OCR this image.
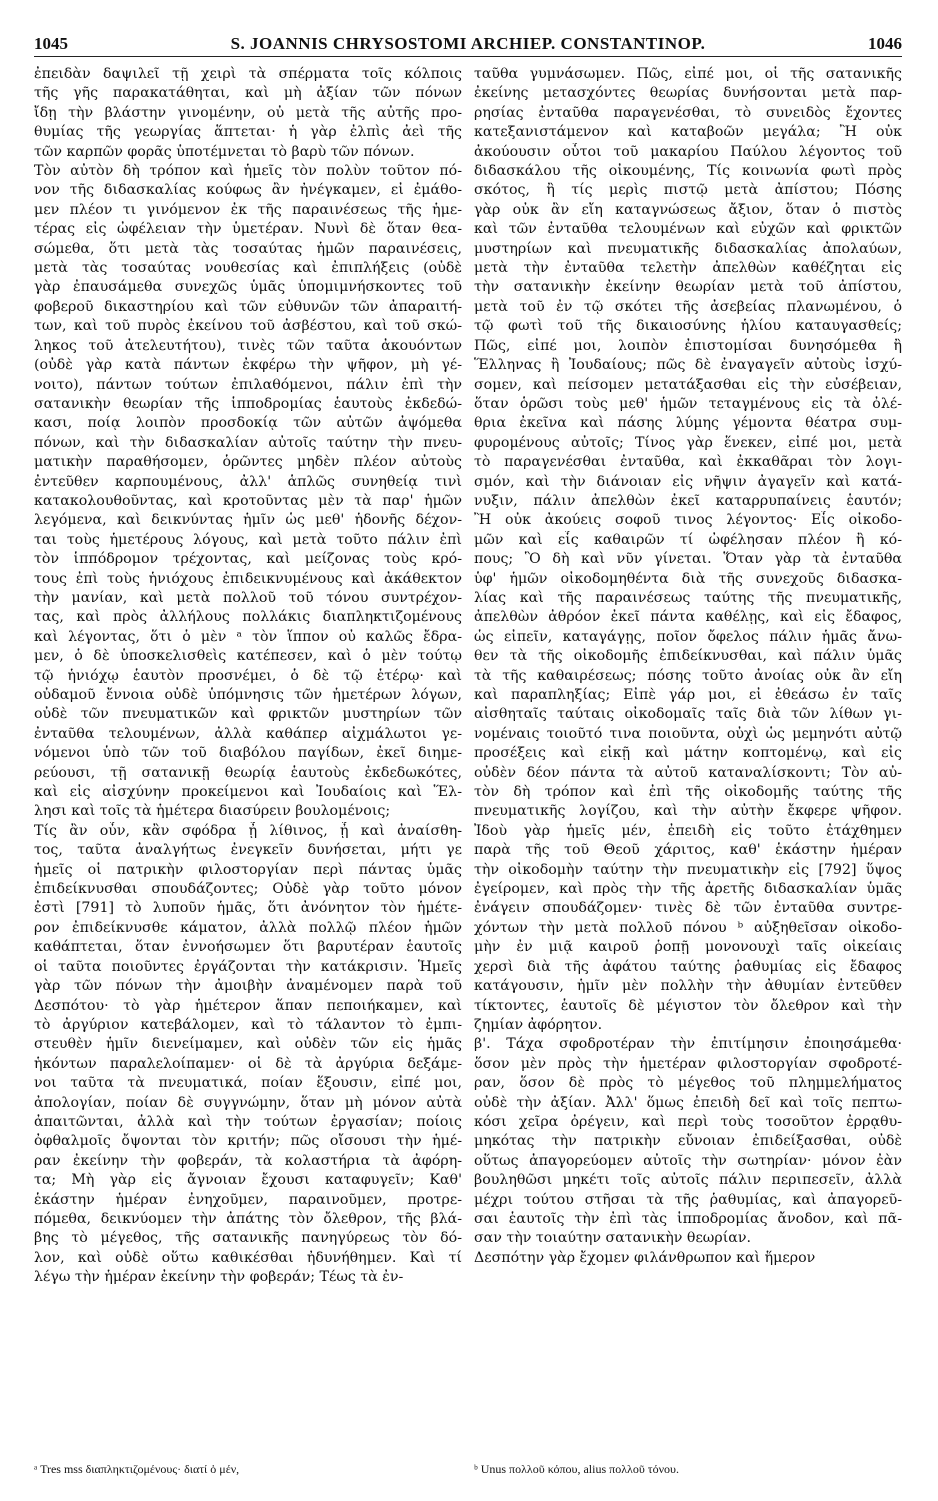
1045	S. JOANNIS CHRYSOSTOMI ARCHIEP. CONSTANTINOP.	1046
ἐπειδὰν δαψιλεῖ τῇ χειρὶ τὰ σπέρματα τοῖς κόλποις
τῆς γῆς παρακατάθηται, καὶ μὴ ἀξίαν τῶν πόνων
ἴδῃ τὴν βλάστην γινομένην, οὐ μετὰ τῆς αὐτῆς προ-
θυμίας τῆς γεωργίας ἅπτεται· ἡ γὰρ ἐλπὶς ἀεὶ τῆς
τῶν καρπῶν φορᾶς ὑποτέμνεται τὸ βαρὺ τῶν πόνων.
Τὸν αὐτὸν δὴ τρόπον καὶ ἡμεῖς τὸν πολὺν τοῦτον πό-
νον τῆς διδασκαλίας κούφως ἂν ἠνέγκαμεν, εἰ ἐμάθο-
μεν πλέον τι γινόμενον ἐκ τῆς παραινέσεως τῆς ἡμε-
τέρας εἰς ὠφέλειαν τὴν ὑμετέραν. Νυνὶ δὲ ὅταν θεα-
σώμεθα, ὅτι μετὰ τὰς τοσαύτας ἡμῶν παραινέσεις,
μετὰ τὰς τοσαύτας νουθεσίας καὶ ἐπιπλήξεις (οὐδὲ
γὰρ ἐπαυσάμεθα συνεχῶς ὑμᾶς ὑπομιμνήσκοντες τοῦ
φοβεροῦ δικαστηρίου καὶ τῶν εὐθυνῶν τῶν ἀπαραιτή-
των, καὶ τοῦ πυρὸς ἐκείνου τοῦ ἀσβέστου, καὶ τοῦ σκώ-
ληκος τοῦ ἀτελευτήτου), τινὲς τῶν ταῦτα ἀκουόντων
(οὐδὲ γὰρ κατὰ πάντων ἐκφέρω τὴν ψῆφον, μὴ γέ-
νοιτο), πάντων τούτων ἐπιλαθόμενοι, πάλιν ἐπὶ τὴν
σατανικὴν θεωρίαν τῆς ἱπποδρομίας ἑαυτοὺς ἐκδεδώ-
κασι, ποίᾳ λοιπὸν προσδοκίᾳ τῶν αὐτῶν ἀψόμεθα
πόνων, καὶ τὴν διδασκαλίαν αὐτοῖς ταύτην τὴν πνευ-
ματικὴν παραθήσομεν, ὁρῶντες μηδὲν πλέον αὐτοὺς
ἐντεῦθεν καρπουμένους, ἀλλ' ἁπλῶς συνηθείᾳ τινὶ
κατακολουθοῦντας, καὶ κροτοῦντας μὲν τὰ παρ' ἡμῶν
λεγόμενα, καὶ δεικνύντας ἡμῖν ὡς μεθ' ἡδονῆς δέχον-
ται τοὺς ἡμετέρους λόγους, καὶ μετὰ τοῦτο πάλιν ἐπὶ
τὸν ἱππόδρομον τρέχοντας, καὶ μείζονας τοὺς κρό-
τους ἐπὶ τοὺς ἡνιόχους ἐπιδεικνυμένους καὶ ἀκάθεκτον
τὴν μανίαν, καὶ μετὰ πολλοῦ τοῦ τόνου συντρέχον-
τας, καὶ πρὸς ἀλλήλους πολλάκις διαπληκτιζομένους
καὶ λέγοντας, ὅτι ὁ μὲν ᵃ τὸν ἵππον οὐ καλῶς ἔδρα-
μεν, ὁ δὲ ὑποσκελισθεὶς κατέπεσεν, καὶ ὁ μὲν τούτῳ
τῷ ἡνιόχῳ ἑαυτὸν προσνέμει, ὁ δὲ τῷ ἑτέρῳ· καὶ
οὐδαμοῦ ἔννοια οὐδὲ ὑπόμνησις τῶν ἡμετέρων λόγων,
οὐδὲ τῶν πνευματικῶν καὶ φρικτῶν μυστηρίων τῶν
ἐνταῦθα τελουμένων, ἀλλὰ καθάπερ αἰχμάλωτοι γε-
νόμενοι ὑπὸ τῶν τοῦ διαβόλου παγίδων, ἐκεῖ διημε-
ρεύουσι, τῇ σατανικῇ θεωρίᾳ ἑαυτοὺς ἐκδεδωκότες,
καὶ εἰς αἰσχύνην προκείμενοι καὶ Ἰουδαίοις καὶ Ἕλ-
λησι καὶ τοῖς τὰ ἡμέτερα διασύρειν βουλομένοις;
Τίς ἂν οὖν, κἂν σφόδρα ᾖ λίθινος, ᾖ καὶ ἀναίσθη-
τος, ταῦτα ἀναλγήτως ἐνεγκεῖν δυνήσεται, μήτι γε
ἡμεῖς οἱ πατρικὴν φιλοστοργίαν περὶ πάντας ὑμᾶς
ἐπιδείκνυσθαι σπουδάζοντες; Οὐδὲ γὰρ τοῦτο μόνον
ἐστὶ [791] τὸ λυποῦν ἡμᾶς, ὅτι ἀνόνητον τὸν ἡμέτε-
ρον ἐπιδείκνυσθε κάματον, ἀλλὰ πολλῷ πλέον ἡμῶν
καθάπτεται, ὅταν ἐννοήσωμεν ὅτι βαρυτέραν ἑαυτοῖς
οἱ ταῦτα ποιοῦντες ἐργάζονται τὴν κατάκρισιν. Ἡμεῖς
γὰρ τῶν πόνων τὴν ἀμοιβὴν ἀναμένομεν παρὰ τοῦ
Δεσπότου· τὸ γὰρ ἡμέτερον ἅπαν πεποιήκαμεν, καὶ
τὸ ἀργύριον κατεβάλομεν, καὶ τὸ τάλαντον τὸ ἐμπι-
στευθὲν ἡμῖν διενείμαμεν, καὶ οὐδὲν τῶν εἰς ἡμᾶς
ἡκόντων παραλελοίπαμεν· οἱ δὲ τὰ ἀργύρια δεξάμε-
νοι ταῦτα τὰ πνευματικά, ποίαν ἕξουσιν, εἰπέ μοι,
ἀπολογίαν, ποίαν δὲ συγγνώμην, ὅταν μὴ μόνον αὐτὰ
ἀπαιτῶνται, ἀλλὰ καὶ τὴν τούτων ἐργασίαν; ποίοις
ὀφθαλμοῖς ὄψονται τὸν κριτήν; πῶς οἴσουσι τὴν ἡμέ-
ραν ἐκείνην τὴν φοβεράν, τὰ κολαστήρια τὰ ἀφόρη-
τα; Μὴ γὰρ εἰς ἄγνοιαν ἔχουσι καταφυγεῖν; Καθ'
ἑκάστην ἡμέραν ἐνηχοῦμεν, παραινοῦμεν, προτρε-
πόμεθα, δεικνύομεν τὴν ἀπάτης τὸν ὄλεθρον, τῆς βλά-
βης τὸ μέγεθος, τῆς σατανικῆς πανηγύρεως τὸν δό-
λον, καὶ οὐδὲ οὕτω καθικέσθαι ἠδυνήθημεν. Καὶ τί
λέγω τὴν ἡμέραν ἐκείνην τὴν φοβεράν; Τέως τὰ ἐν-
ταῦθα γυμνάσωμεν. Πῶς, εἰπέ μοι, οἱ τῆς σατανικῆς
ἐκείνης μετασχόντες θεωρίας δυνήσονται μετὰ παρ-
ρησίας ἐνταῦθα παραγενέσθαι, τὸ συνειδὸς ἔχοντες
κατεξανιστάμενον καὶ καταβοῶν μεγάλα; Ἢ οὐκ
ἀκούουσιν οὗτοι τοῦ μακαρίου Παύλου λέγοντος τοῦ
διδασκάλου τῆς οἰκουμένης, Τίς κοινωνία φωτὶ πρὸς
σκότος, ἢ τίς μερὶς πιστῷ μετὰ ἀπίστου; Πόσης
γὰρ οὐκ ἂν εἴη καταγνώσεως ἄξιον, ὅταν ὁ πιστὸς
καὶ τῶν ἐνταῦθα τελουμένων καὶ εὐχῶν καὶ φρικτῶν
μυστηρίων καὶ πνευματικῆς διδασκαλίας ἀπολαύων,
μετὰ τὴν ἐνταῦθα τελετὴν ἀπελθὼν καθέζηται εἰς
τὴν σατανικὴν ἐκείνην θεωρίαν μετὰ τοῦ ἀπίστου,
μετὰ τοῦ ἐν τῷ σκότει τῆς ἀσεβείας πλανωμένου, ὁ
τῷ φωτὶ τοῦ τῆς δικαιοσύνης ἡλίου καταυγασθείς;
Πῶς, εἰπέ μοι, λοιπὸν ἐπιστομίσαι δυνησόμεθα ἢ
Ἕλληνας ἢ Ἰουδαίους; πῶς δὲ ἐναγαγεῖν αὐτοὺς ἰσχύ-
σομεν, καὶ πείσομεν μετατάξασθαι εἰς τὴν εὐσέβειαν,
ὅταν ὁρῶσι τοὺς μεθ' ἡμῶν τεταγμένους εἰς τὰ ὀλέ-
θρια ἐκεῖνα καὶ πάσης λύμης γέμοντα θέατρα συμ-
φυρομένους αὐτοῖς; Τίνος γὰρ ἕνεκεν, εἰπέ μοι, μετὰ
τὸ παραγενέσθαι ἐνταῦθα, καὶ ἐκκαθᾶραι τὸν λογι-
σμόν, καὶ τὴν διάνοιαν εἰς νῆψιν ἀγαγεῖν καὶ κατά-
νυξιν, πάλιν ἀπελθὼν ἐκεῖ καταρρυπαίνεις ἑαυτόν;
Ἢ οὐκ ἀκούεις σοφοῦ τινος λέγοντος· Εἷς οἰκοδο-
μῶν καὶ εἷς καθαιρῶν τί ὠφέλησαν πλέον ἢ κό-
πους; Ὃ δὴ καὶ νῦν γίνεται. Ὅταν γὰρ τὰ ἐνταῦθα
ὑφ' ἡμῶν οἰκοδομηθέντα διὰ τῆς συνεχοῦς διδασκα-
λίας καὶ τῆς παραινέσεως ταύτης τῆς πνευματικῆς,
ἀπελθὼν ἀθρόον ἐκεῖ πάντα καθέλῃς, καὶ εἰς ἔδαφος,
ὡς εἰπεῖν, καταγάγῃς, ποῖον ὄφελος πάλιν ἡμᾶς ἄνω-
θεν τὰ τῆς οἰκοδομῆς ἐπιδείκνυσθαι, καὶ πάλιν ὑμᾶς
τὰ τῆς καθαιρέσεως; πόσης τοῦτο ἀνοίας οὐκ ἂν εἴη
καὶ παραπληξίας; Εἰπὲ γάρ μοι, εἰ ἐθεάσω ἐν ταῖς
αἰσθηταῖς ταύταις οἰκοδομαῖς ταῖς διὰ τῶν λίθων γι-
νομέναις τοιοῦτό τινα ποιοῦντα, οὐχὶ ὡς μεμηνότι αὐτῷ
προσέξεις καὶ εἰκῇ καὶ μάτην κοπτομένῳ, καὶ εἰς
οὐδὲν δέον πάντα τὰ αὐτοῦ καταναλίσκοντι; Τὸν αὐ-
τὸν δὴ τρόπον καὶ ἐπὶ τῆς οἰκοδομῆς ταύτης τῆς
πνευματικῆς λογίζου, καὶ τὴν αὐτὴν ἔκφερε ψῆφον.
Ἰδοὺ γὰρ ἡμεῖς μέν, ἐπειδὴ εἰς τοῦτο ἐτάχθημεν
παρὰ τῆς τοῦ Θεοῦ χάριτος, καθ' ἑκάστην ἡμέραν
τὴν οἰκοδομὴν ταύτην τὴν πνευματικὴν εἰς [792] ὕψος
ἐγείρομεν, καὶ πρὸς τὴν τῆς ἀρετῆς διδασκαλίαν ὑμᾶς
ἐνάγειν σπουδάζομεν· τινὲς δὲ τῶν ἐνταῦθα συντρε-
χόντων τὴν μετὰ πολλοῦ πόνου ᵇ αὐξηθεῖσαν οἰκοδο-
μὴν ἐν μιᾷ καιροῦ ῥοπῇ μονονουχὶ ταῖς οἰκείαις
χερσὶ διὰ τῆς ἀφάτου ταύτης ῥαθυμίας εἰς ἔδαφος
κατάγουσιν, ἡμῖν μὲν πολλὴν τὴν ἀθυμίαν ἐντεῦθεν
τίκτοντες, ἑαυτοῖς δὲ μέγιστον τὸν ὄλεθρον καὶ τὴν
ζημίαν ἀφόρητον.
β'. Τάχα σφοδροτέραν τὴν ἐπιτίμησιν ἐποιησάμεθα·
ὅσον μὲν πρὸς τὴν ἡμετέραν φιλοστοργίαν σφοδροτέ-
ραν, ὅσον δὲ πρὸς τὸ μέγεθος τοῦ πλημμελήματος
οὐδὲ τὴν ἀξίαν. Ἀλλ' ὅμως ἐπειδὴ δεῖ καὶ τοῖς πεπτω-
κόσι χεῖρα ὀρέγειν, καὶ περὶ τοὺς τοσοῦτον ἐρρᾳθυ-
μηκότας τὴν πατρικὴν εὔνοιαν ἐπιδείξασθαι, οὐδὲ
οὕτως ἀπαγορεύομεν αὐτοῖς τὴν σωτηρίαν· μόνον ἐὰν
βουληθῶσι μηκέτι τοῖς αὐτοῖς πάλιν περιπεσεῖν, ἀλλὰ
μέχρι τούτου στῆσαι τὰ τῆς ῥαθυμίας, καὶ ἀπαγορεῦ-
σαι ἑαυτοῖς τὴν ἐπὶ τὰς ἱπποδρομίας ἄνοδον, καὶ πᾶ-
σαν τὴν τοιαύτην σατανικὴν θεωρίαν.
Δεσπότην γὰρ ἔχομεν φιλάνθρωπον καὶ ἥμερον
ᵃ Tres mss διαπληκτιζομένους· διατί ὁ μέν,	ᵇ Unus πολλοῦ κόπου, alius πολλοῦ τόνου.
